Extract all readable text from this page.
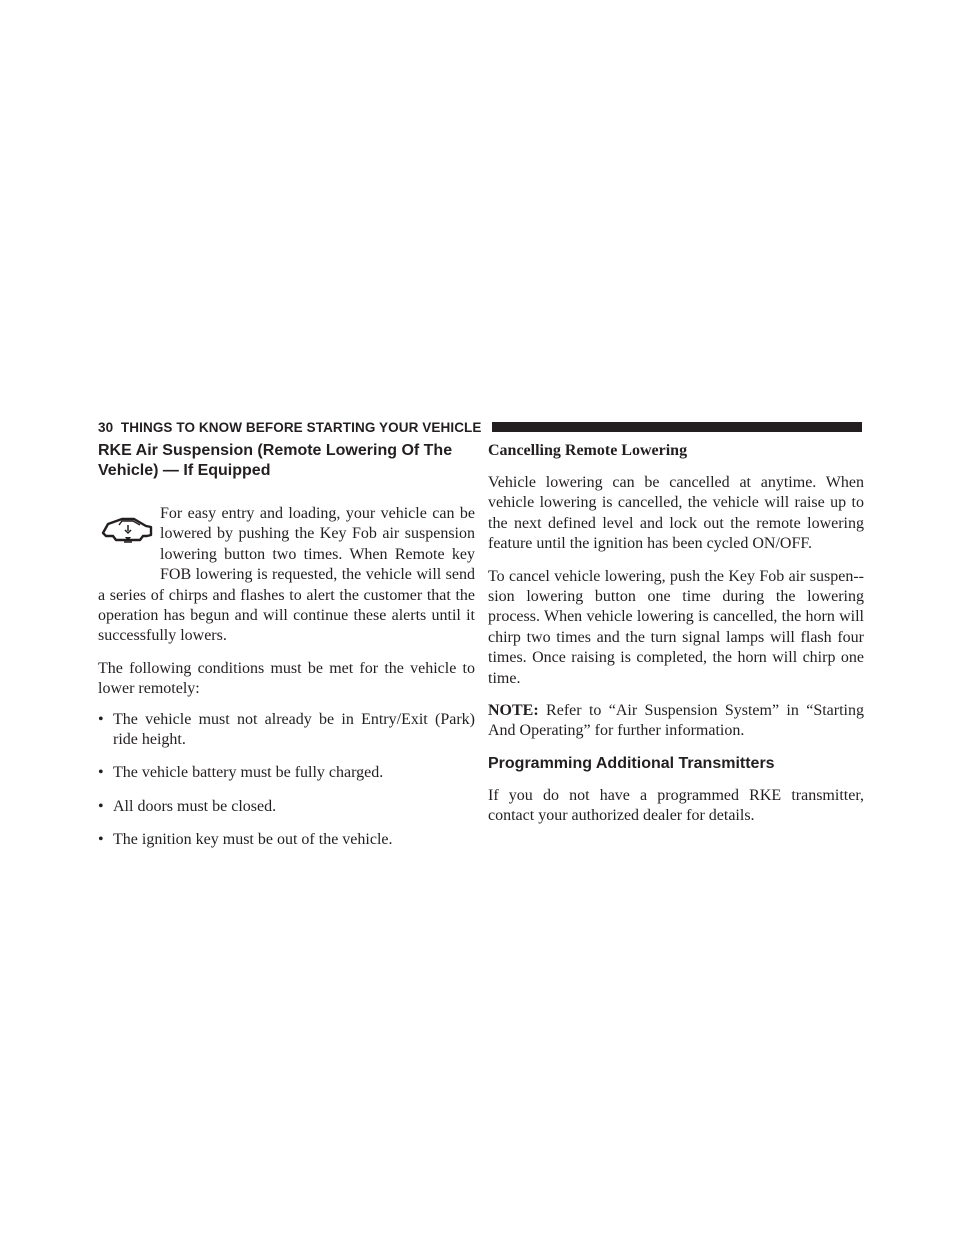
30
THINGS TO KNOW BEFORE STARTING YOUR VEHICLE
RKE Air Suspension (Remote Lowering Of The
Vehicle) — If Equipped

For easy entry and loading, your vehicle can be lowered by pushing the Key Fob air suspension lowering button two times. When Remote key FOB lowering is requested, the vehicle will send a series of chirps and flashes to alert the customer that the operation has begun and will continue these alerts until it successfully lowers.

The following conditions must be met for the vehicle to lower remotely:

• The vehicle must not already be in Entry/Exit (Park) ride height.
• The vehicle battery must be fully charged.
• All doors must be closed.
• The ignition key must be out of the vehicle.
Cancelling Remote Lowering

Vehicle lowering can be cancelled at anytime. When vehicle lowering is cancelled, the vehicle will raise up to the next defined level and lock out the remote lowering feature until the ignition has been cycled ON/OFF.

To cancel vehicle lowering, push the Key Fob air suspen-sion lowering button one time during the lowering process. When vehicle lowering is cancelled, the horn will chirp two times and the turn signal lamps will flash four times. Once raising is completed, the horn will chirp one time.

NOTE: Refer to “Air Suspension System” in “Starting And Operating” for further information.

Programming Additional Transmitters

If you do not have a programmed RKE transmitter, contact your authorized dealer for details.
